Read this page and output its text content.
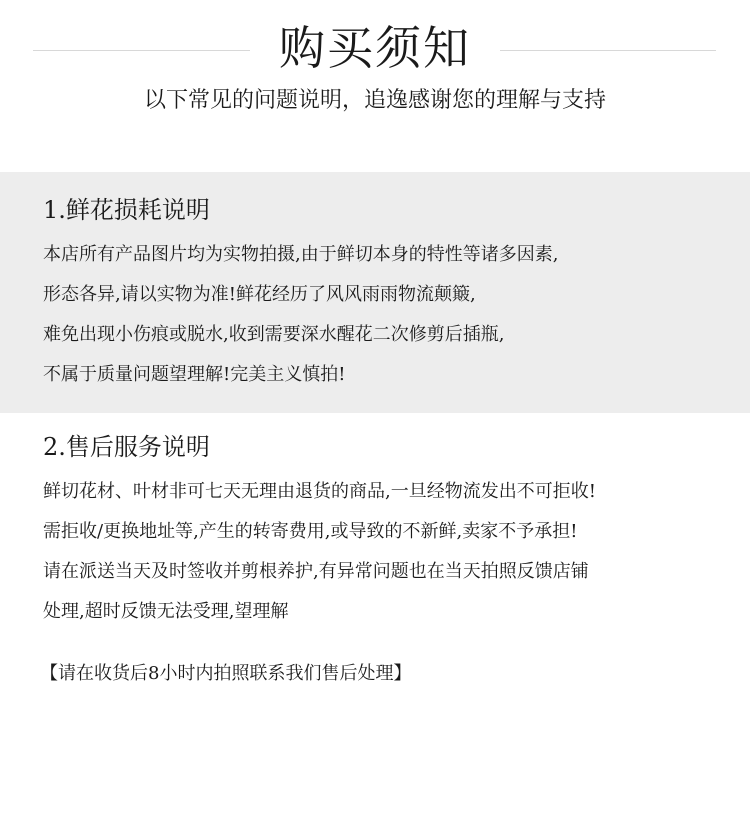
购买须知

以下常见的问题说明，追逸感谢您的理解与支持

1.鲜花损耗说明
本店所有产品图片均为实物拍摄,由于鲜切本身的特性等诸多因素,
形态各异,请以实物为准!鲜花经历了风风雨雨物流颠簸,
难免出现小伤痕或脱水,收到需要深水醒花二次修剪后插瓶,
不属于质量问题望理解!完美主义慎拍!
2.售后服务说明
鲜切花材、叶材非可七天无理由退货的商品,一旦经物流发出不可拒收!
需拒收/更换地址等,产生的转寄费用,或导致的不新鲜,卖家不予承担!
请在派送当天及时签收并剪根养护,有异常问题也在当天拍照反馈店铺
处理,超时反馈无法受理,望理解

【请在收货后8小时内拍照联系我们售后处理】
